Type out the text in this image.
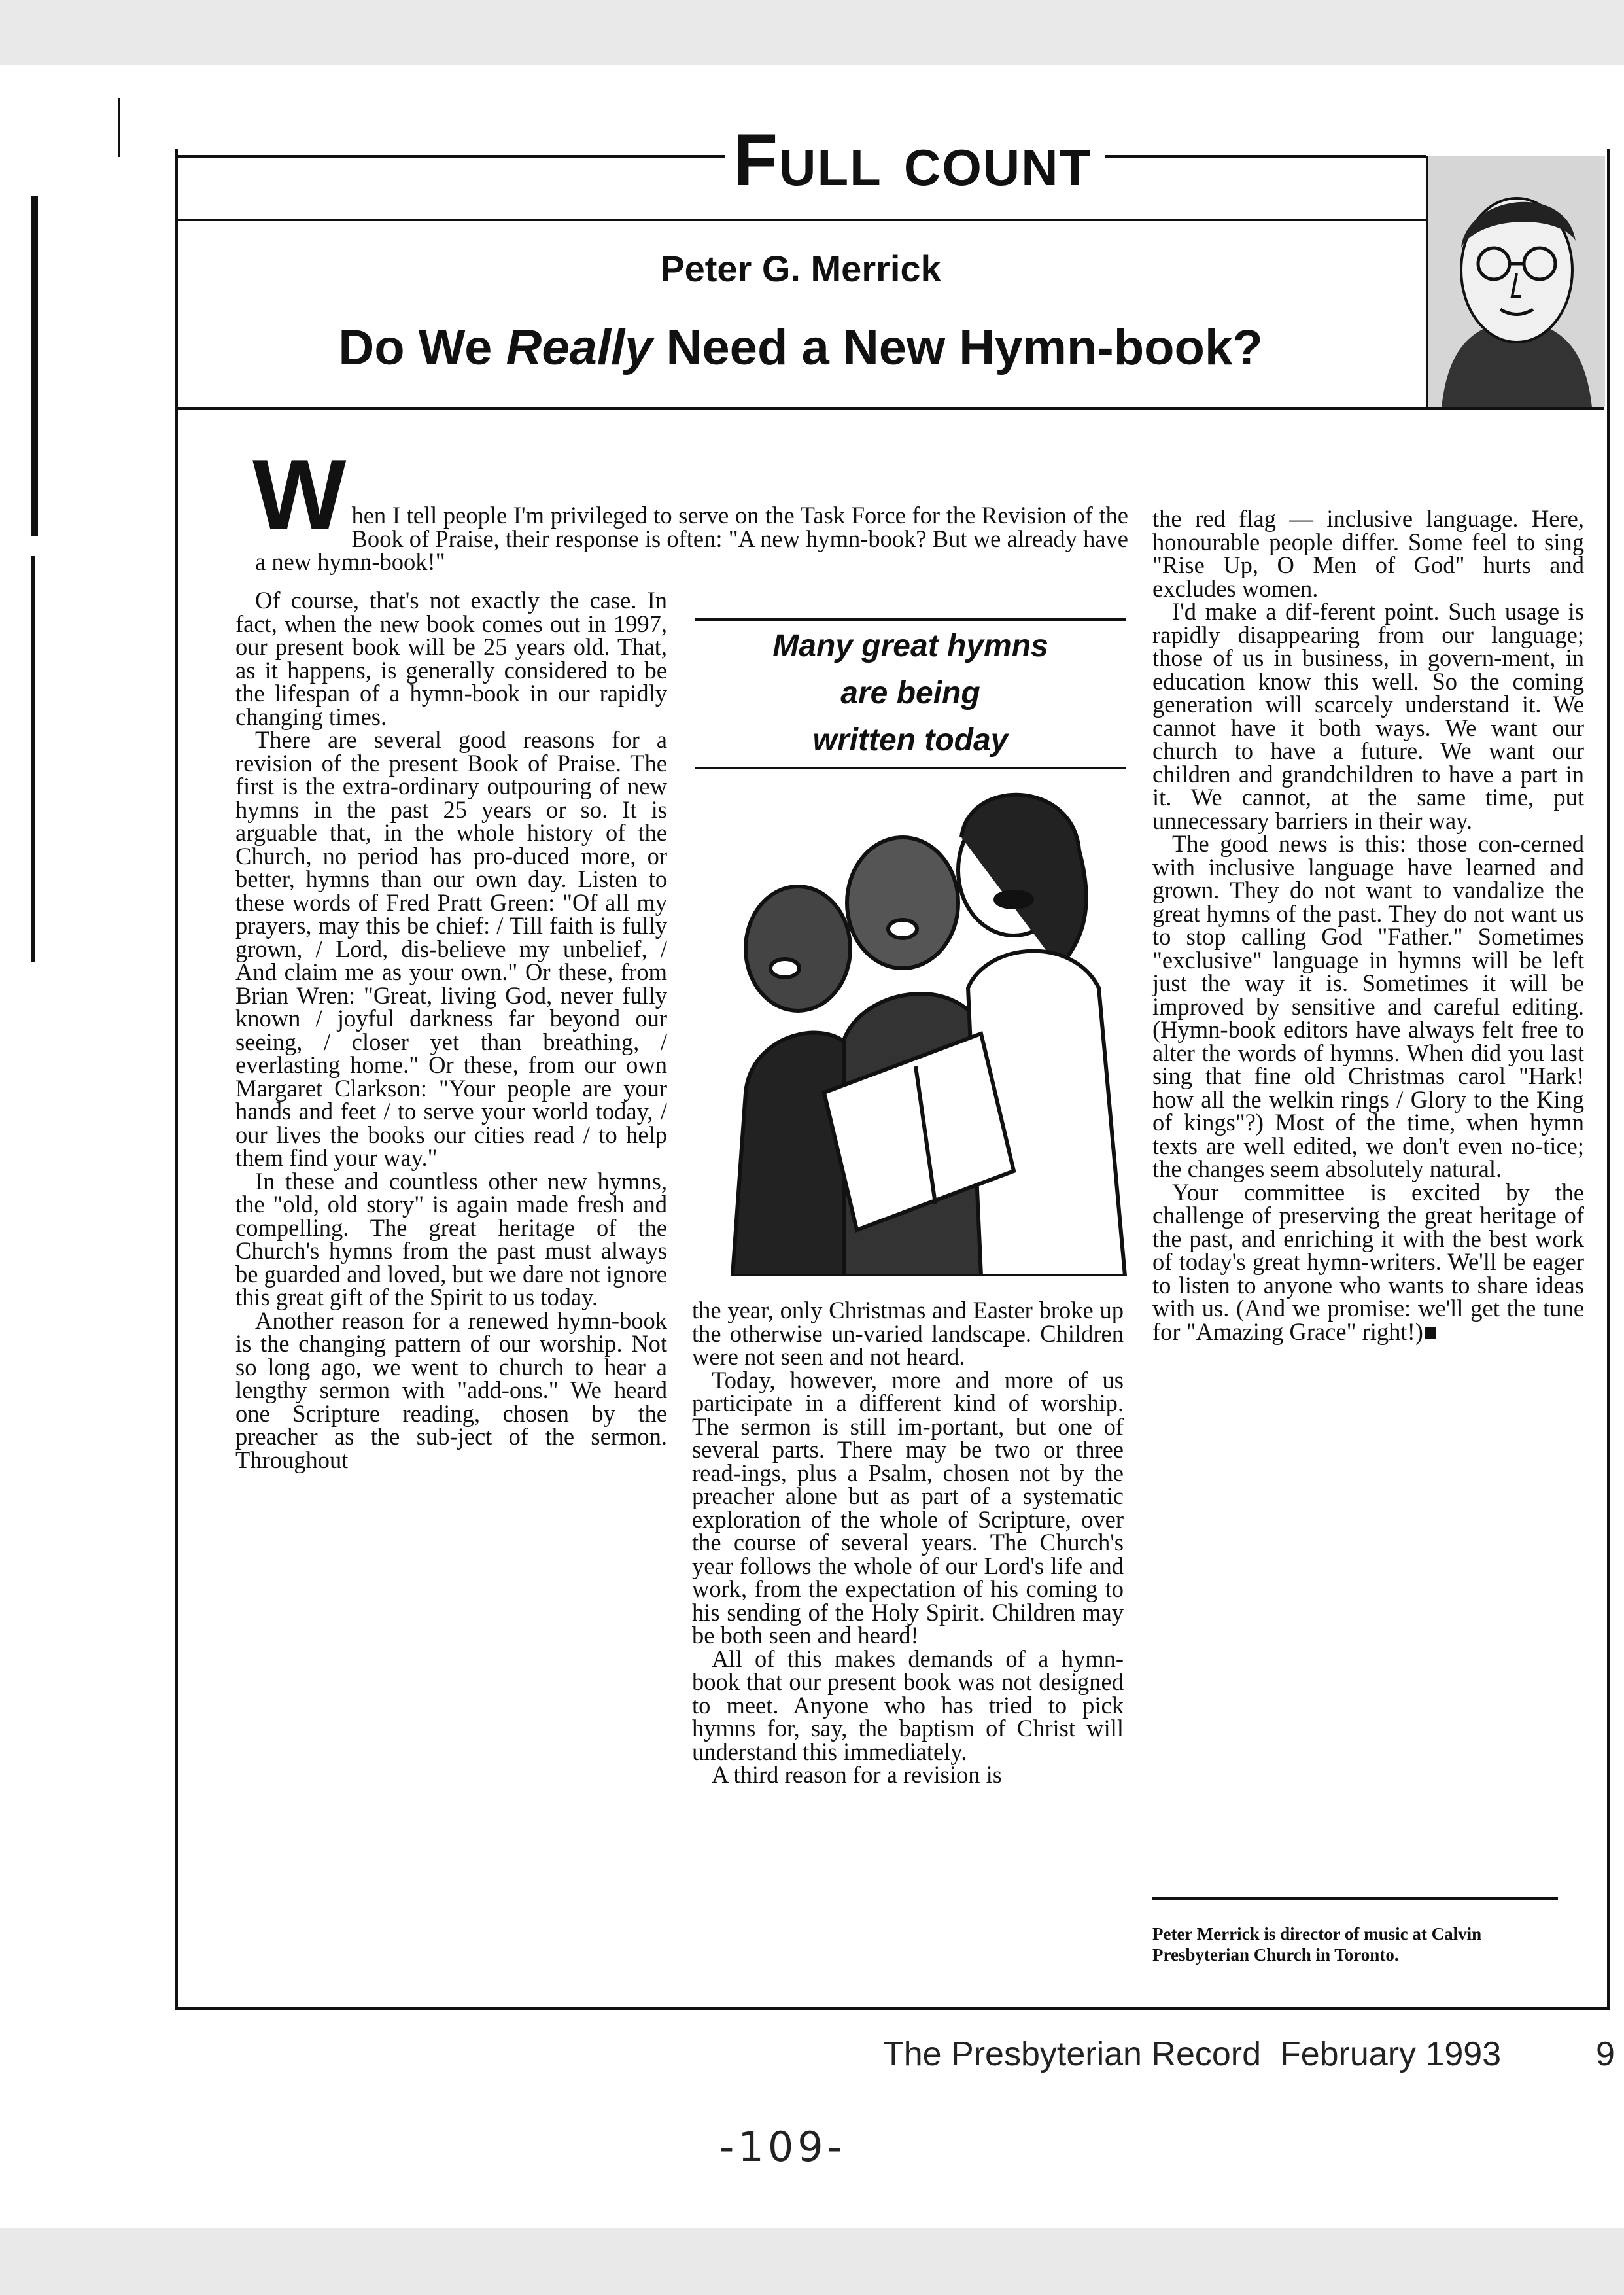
Full count
Peter G. Merrick
Do We Really Need a New Hymn-book?
W hen I tell people I'm privileged to serve on the Task Force for the Revision of the Book of Praise, their response is often: "A new hymn-book? But we already have a new hymn-book!"

Of course, that's not exactly the case. In fact, when the new book comes out in 1997, our present book will be 25 years old. That, as it happens, is generally considered to be the lifespan of a hymn-book in our rapidly changing times.

There are several good reasons for a revision of the present Book of Praise. The first is the extra-ordinary outpouring of new hymns in the past 25 years or so. It is arguable that, in the whole history of the Church, no period has pro-duced more, or better, hymns than our own day. Listen to these words of Fred Pratt Green: "Of all my prayers, may this be chief: / Till faith is fully grown, / Lord, dis-believe my unbelief, / And claim me as your own." Or these, from Brian Wren: "Great, living God, never fully known / joyful darkness far beyond our seeing, / closer yet than breathing, / everlasting home." Or these, from our own Margaret Clarkson: "Your people are your hands and feet / to serve your world today, / our lives the books our cities read / to help them find your way."

In these and countless other new hymns, the "old, old story" is again made fresh and compelling. The great heritage of the Church's hymns from the past must always be guarded and loved, but we dare not ignore this great gift of the Spirit to us today.

Another reason for a renewed hymn-book is the changing pattern of our worship. Not so long ago, we went to church to hear a lengthy sermon with "add-ons." We heard one Scripture reading, chosen by the preacher as the sub-ject of the sermon. Throughout

Many great hymns
are being
written today

the year, only Christmas and Easter broke up the otherwise un-varied landscape. Children were not seen and not heard.

Today, however, more and more of us participate in a different kind of worship. The sermon is still im-portant, but one of several parts. There may be two or three read-ings, plus a Psalm, chosen not by the preacher alone but as part of a systematic exploration of the whole of Scripture, over the course of several years. The Church's year follows the whole of our Lord's life and work, from the expectation of his coming to his sending of the Holy Spirit. Children may be both seen and heard!

All of this makes demands of a hymn-book that our present book was not designed to meet. Anyone who has tried to pick hymns for, say, the baptism of Christ will understand this immediately.

A third reason for a revision is

the red flag — inclusive language. Here, honourable people differ. Some feel to sing "Rise Up, O Men of God" hurts and excludes women.

I'd make a dif-ferent point. Such usage is rapidly disappearing from our language; those of us in business, in govern-ment, in education know this well. So the coming generation will scarcely understand it. We cannot have it both ways. We want our church to have a future. We want our children and grandchildren to have a part in it. We cannot, at the same time, put unnecessary barriers in their way.

The good news is this: those con-cerned with inclusive language have learned and grown. They do not want to vandalize the great hymns of the past. They do not want us to stop calling God "Father." Sometimes "exclusive" language in hymns will be left just the way it is. Sometimes it will be improved by sensitive and careful editing. (Hymn-book editors have always felt free to alter the words of hymns. When did you last sing that fine old Christmas carol "Hark! how all the welkin rings / Glory to the King of kings"?) Most of the time, when hymn texts are well edited, we don't even no-tice; the changes seem absolutely natural.

Your committee is excited by the challenge of preserving the great heritage of the past, and enriching it with the best work of today's great hymn-writers. We'll be eager to listen to anyone who wants to share ideas with us. (And we promise: we'll get the tune for "Amazing Grace" right!)■

Peter Merrick is director of music at Calvin Presbyterian Church in Toronto.
The Presbyterian Record  February 1993	9
-109-
